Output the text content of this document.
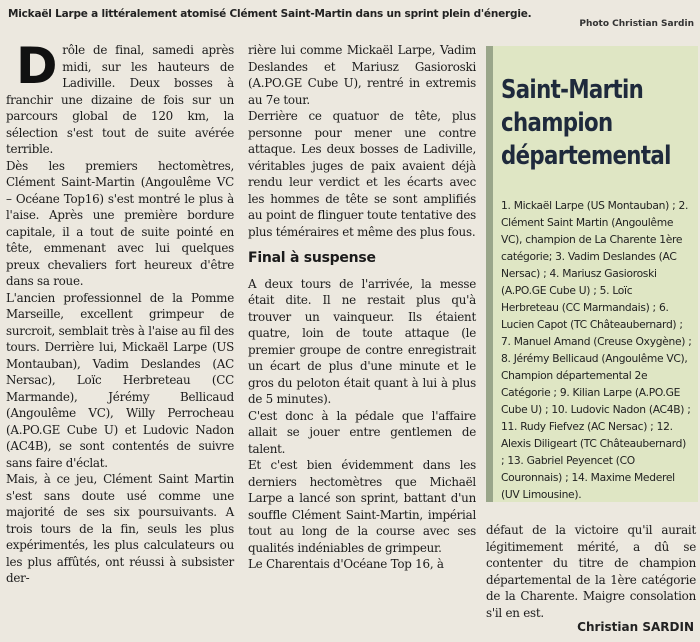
Mickaël Larpe a littéralement atomisé Clément Saint-Martin dans un sprint plein d'énergie.
Photo Christian Sardin
D rôle de final, samedi après midi, sur les hauteurs de Ladiville. Deux bosses à franchir une dizaine de fois sur un parcours global de 120 km, la sélection s'est tout de suite avérée terrible.

Dès les premiers hectomètres, Clément Saint-Martin (Angoulême VC – Océane Top16) s'est montré le plus à l'aise. Après une première bordure capitale, il a tout de suite pointé en tête, emmenant avec lui quelques preux chevaliers fort heureux d'être dans sa roue.

L'ancien professionnel de la Pomme Marseille, excellent grimpeur de surcroit, semblait très à l'aise au fil des tours. Derrière lui, Mickaël Larpe (US Montauban), Vadim Deslandes (AC Nersac), Loïc Herbreteau (CC Marmande), Jérémy Bellicaud (Angoulême VC), Willy Perrocheau (A.PO.GE Cube U) et Ludovic Nadon (AC4B), se sont contentés de suivre sans faire d'éclat.

Mais, à ce jeu, Clément Saint Martin s'est sans doute usé comme une majorité de ses six poursuivants. A trois tours de la fin, seuls les plus expérimentés, les plus calculateurs ou les plus affûtés, ont réussi à subsister der-

rière lui comme Mickaël Larpe, Vadim Deslandes et Mariusz Gasioroski (A.PO.GE Cube U), rentré in extremis au 7e tour.

Derrière ce quatuor de tête, plus personne pour mener une contre attaque. Les deux bosses de Ladiville, véritables juges de paix avaient déjà rendu leur verdict et les écarts avec les hommes de tête se sont amplifiés au point de flinguer toute tentative des plus téméraires et même des plus fous.

Final à suspense

A deux tours de l'arrivée, la messe était dite. Il ne restait plus qu'à trouver un vainqueur. Ils étaient quatre, loin de toute attaque (le premier groupe de contre enregistrait un écart de plus d'une minute et le gros du peloton était quant à lui à plus de 5 minutes).

C'est donc à la pédale que l'affaire allait se jouer entre gentlemen de talent.

Et c'est bien évidemment dans les derniers hectomètres que Michaël Larpe a lancé son sprint, battant d'un souffle Clément Saint-Martin, impérial tout au long de la course avec ses qualités indéniables de grimpeur.

Le Charentais d'Océane Top 16, à

Saint-Martin champion départemental
1. Mickaël Larpe (US Montauban) ; 2. Clément Saint Martin (Angoulême VC), champion de La Charente 1ère catégorie; 3. Vadim Deslandes (AC Nersac) ; 4. Mariusz Gasioroski (A.PO.GE Cube U) ; 5. Loïc Herbreteau (CC Marmandais) ; 6. Lucien Capot (TC Châteaubernard) ; 7. Manuel Amand (Creuse Oxygène) ; 8. Jérémy Bellicaud (Angoulême VC), Champion départemental 2e Catégorie ; 9. Kilian Larpe (A.PO.GE Cube U) ; 10. Ludovic Nadon (AC4B) ; 11. Rudy Fiefvez (AC Nersac) ; 12. Alexis Diligeart (TC Châteaubernard) ; 13. Gabriel Peyencet (CO Couronnais) ; 14. Maxime Mederel (UV Limousine).

défaut de la victoire qu'il aurait légitimement mérité, a dû se contenter du titre de champion départemental de la 1ère catégorie de la Charente. Maigre consolation s'il en est.

Christian SARDIN
